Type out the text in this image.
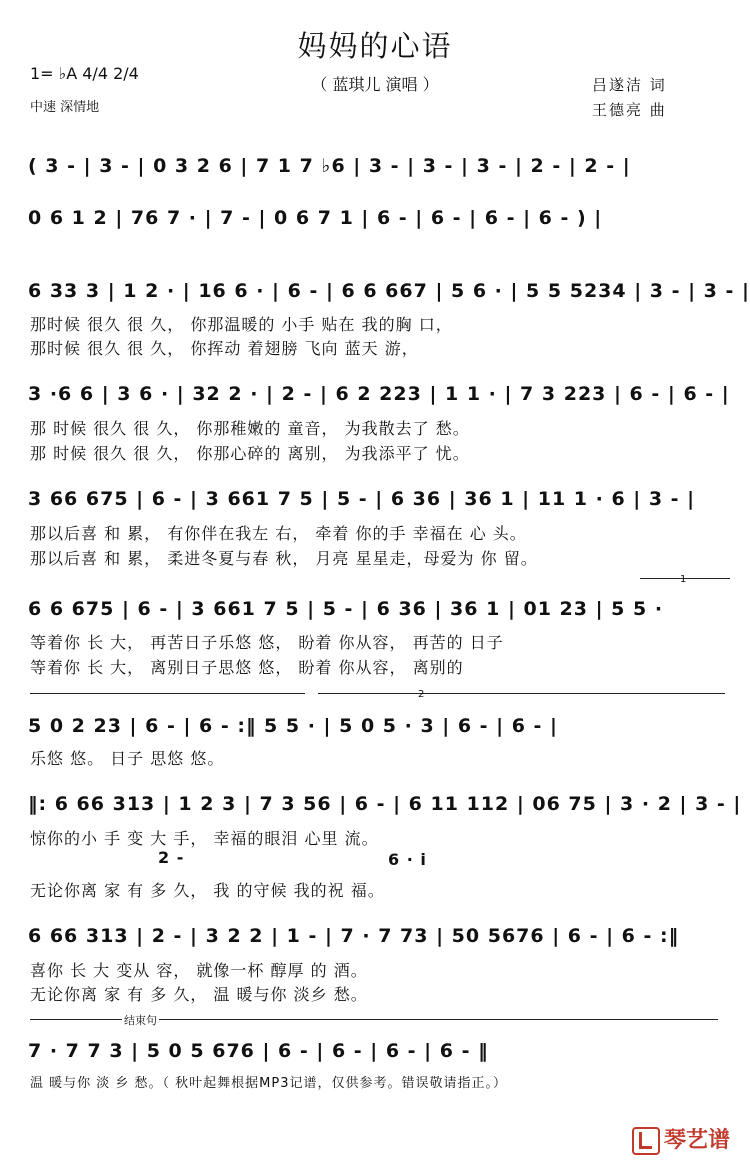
妈妈的心语
（ 蓝琪儿 演唱 ）
1= ♭A 4/4 2/4
中速 深情地
吕遂洁 词
王德亮 曲
( 3 - | 3 - | 0 3 2 6 | 7 1 7 ♭6 | 3 - | 3 - | 3 - | 2 - | 2 - |
0 6 1 2 | 76 7 · | 7 - | 0 6 7 1 | 6 - | 6 - | 6 - | 6 - ) |
6 33 3 | 1 2 · | 16 6 · | 6 - | 6 6 667 | 5 6 · | 5 5 5234 | 3 - | 3 - |
那时候 很久 很 久， 你那温暖的 小手 贴在 我的胸 口，
那时候 很久 很 久， 你挥动 着翅膀 飞向 蓝天 游，
3 ·6 6 | 3 6 · | 32 2 · | 2 - | 6 2 223 | 1 1 · | 7 3 223 | 6 - | 6 - |
那 时候 很久 很 久， 你那稚嫩的 童音， 为我散去了 愁。
那 时候 很久 很 久， 你那心碎的 离别， 为我添平了 忧。
3 66 675 | 6 - | 3 661 7 5 | 5 - | 6 36 | 36 1 | 11 1 · 6 | 3 - |
那以后喜 和 累， 有你伴在我左 右， 牵着 你的手 幸福在 心 头。
那以后喜 和 累， 柔进冬夏与春 秋， 月亮 星星走，母爱为 你 留。
1
6 6 675 | 6 - | 3 661 7 5 | 5 - | 6 36 | 36 1 | 01 23 | 5 5 ·
等着你 长 大， 再苦日子乐悠 悠， 盼着 你从容， 再苦的 日子
等着你 长 大， 离别日子思悠 悠， 盼着 你从容， 离别的
2
5 0 2 23 | 6 - | 6 - :‖ 5 5 · | 5 0 5 · 3 | 6 - | 6 - |
乐悠 悠。 日子 思悠 悠。
‖: 6 66 313 | 1 2 3 | 7 3 56 | 6 - | 6 11 112 | 06 75 | 3 · 2 | 3 - |
惊你的小 手 变 大 手， 幸福的眼泪 心里 流。
2 -	6 · i
无论你离 家 有 多 久， 我 的守候 我的祝 福。
6 66 313 | 2 - | 3 2 2 | 1 - | 7 · 7 73 | 50 5676 | 6 - | 6 - :‖
喜你 长 大 变从 容， 就像一杯 醇厚 的 酒。
无论你离 家 有 多 久， 温 暖与你 淡乡 愁。
结束句
7 · 7 7 3 | 5 0 5 676 | 6 - | 6 - | 6 - | 6 - ‖
温 暖与你 淡 乡 愁。（ 秋叶起舞根据MP3记谱，仅供参考。错误敬请指正。）
琴艺谱
